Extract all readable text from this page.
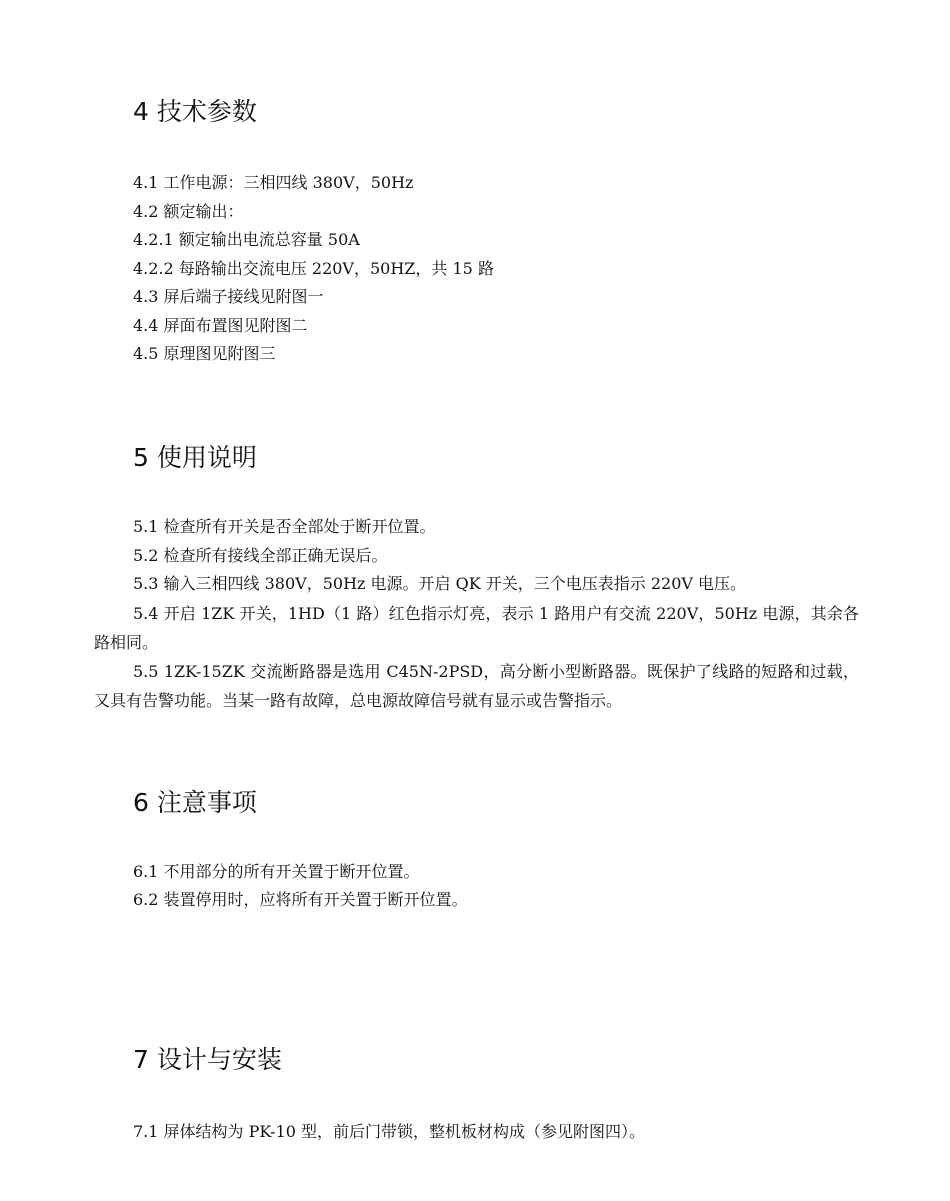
4 技术参数

4.1 工作电源：三相四线 380V，50Hz

4.2 额定输出：

4.2.1 额定输出电流总容量 50A

4.2.2 每路输出交流电压 220V，50HZ，共 15 路

4.3 屏后端子接线见附图一

4.4 屏面布置图见附图二

4.5 原理图见附图三

5 使用说明

5.1 检查所有开关是否全部处于断开位置。

5.2 检查所有接线全部正确无误后。

5.3 输入三相四线 380V，50Hz 电源。开启 QK 开关，三个电压表指示 220V 电压。

5.4 开启 1ZK 开关，1HD（1 路）红色指示灯亮，表示 1 路用户有交流 220V，50Hz 电源，其余各路相同。

5.5 1ZK-15ZK 交流断路器是选用 C45N-2PSD，高分断小型断路器。既保护了线路的短路和过载，又具有告警功能。当某一路有故障，总电源故障信号就有显示或告警指示。

6 注意事项

6.1 不用部分的所有开关置于断开位置。

6.2 装置停用时，应将所有开关置于断开位置。

7 设计与安装

7.1 屏体结构为 PK-10 型，前后门带锁，整机板材构成（参见附图四）。
